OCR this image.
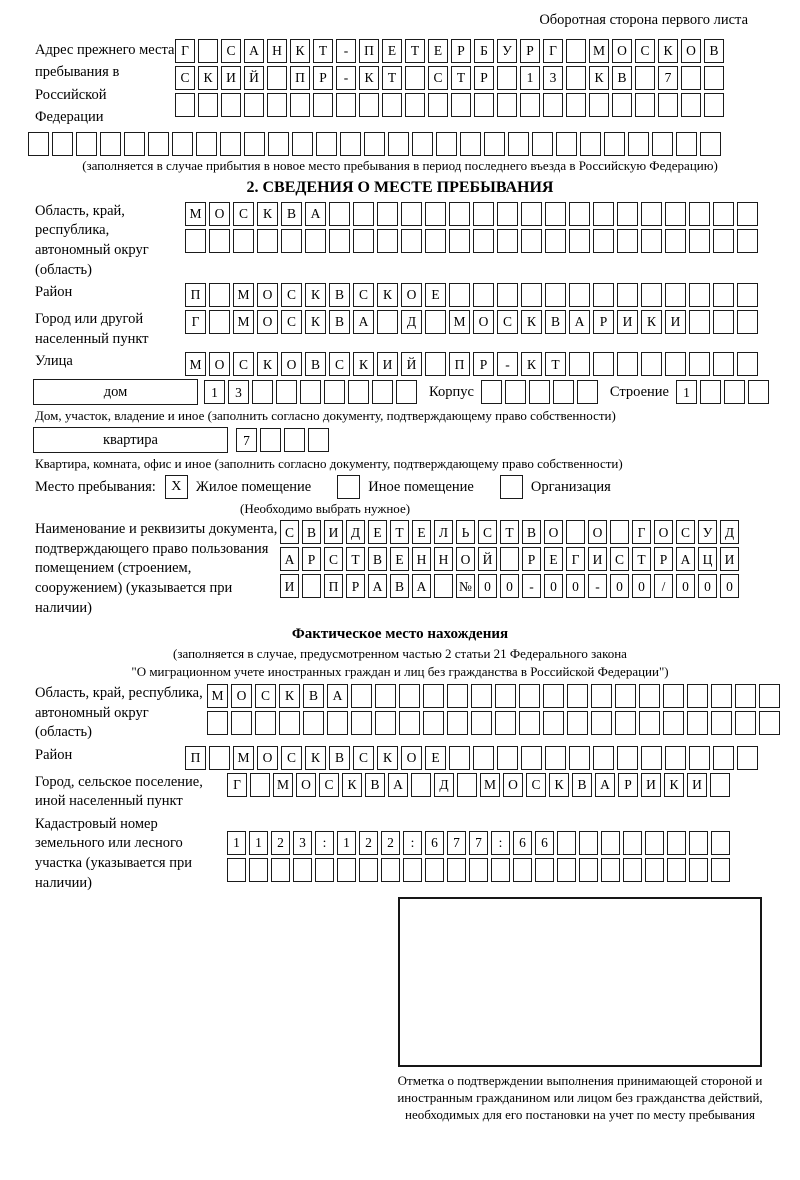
Оборотная сторона первого листа
Адрес прежнего места пребывания в Российской Федерации
Г	С	А Н	К	Т	-	П	Е	Т	Е	Р	Б	У	Р	Г	М О	С	К	О	В
С	К	И Й	П	Р	-	К	Т	С	Т	Р	1	3	К	В	7
(заполняется в случае прибытия в новое место пребывания в период последнего въезда в Российскую Федерацию)
2. СВЕДЕНИЯ О МЕСТЕ ПРЕБЫВАНИЯ
Область, край, республика, автономный округ (область)
М О	С	К	В	А
Район	П	М О	С	К	В	С	К	О	Е
Город или другой населенный пункт
Г	М О	С	К	В	А	Д	М О	С	К	В	А	Р	И	К	И
Улица	М О	С	К	О	В	С	К	И	Й	П	Р	-	К	Т
дом	1	3	Корпус	Строение	1
Дом, участок, владение и иное (заполнить согласно документу, подтверждающему право собственности)
квартира	7
Квартира, комната, офис и иное (заполнить согласно документу, подтверждающему право собственности)
Место пребывания:	X Жилое помещение	Иное помещение	Организация
(Необходимо выбрать нужное)
Наименование и реквизиты документа, подтверждающего право пользования помещением (строением, сооружением) (указывается при наличии)
С В И Д Е	Т	Е Л	Ь	С Т В О	О	Г О С У Д
А Р	С Т В Е Н Н О Й	Р	Е	Г И С Т	Р А Ц И
И	П Р А В А	№ 0	0	-	0	0	-	0	0	/	0	0	0
Фактическое место нахождения
(заполняется в случае, предусмотренном частью 2 статьи 21 Федерального закона
"О миграционном учете иностранных граждан и лиц без гражданства в Российской Федерации")
Область, край, республика, автономный округ (область)
М О	С	К	В	А
Район	П	М О	С	К	В	С	К	О	Е
Город, сельское поселение, иной населенный пункт
Г	М О	С	К	В	А	Д	М О	С	К	В	А	Р	И	К	И
Кадастровый номер земельного или лесного участка (указывается при наличии)
1	1	2	3	:	1	2	2	:	6	7	7	:	6	6
Отметка о подтверждении выполнения принимающей стороной и иностранным гражданином или лицом без гражданства действий, необходимых для его постановки на учет по месту пребывания
